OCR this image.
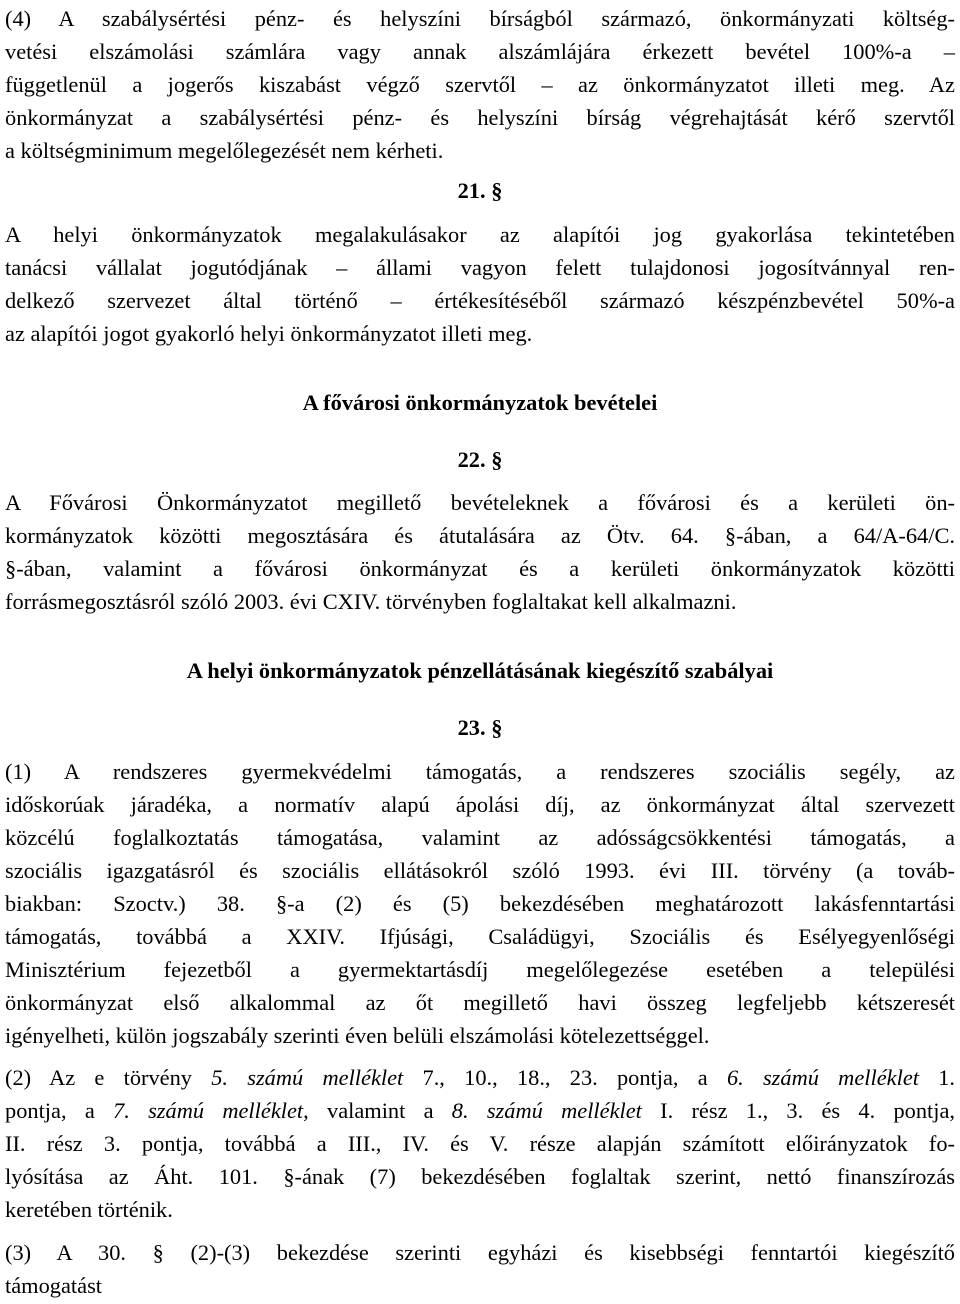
(4) A szabálysértési pénz- és helyszíni bírságból származó, önkormányzati költség-
vetési elszámolási számlára vagy annak alszámlájára érkezett bevétel 100%-a –
függetlenül a jogerős kiszabást végző szervtől – az önkormányzatot illeti meg. Az
önkormányzat a szabálysértési pénz- és helyszíni bírság végrehajtását kérő szervtől
a költségminimum megelőlegezését nem kérheti.
21. §
A helyi önkormányzatok megalakulásakor az alapítói jog gyakorlása tekintetében
tanácsi vállalat jogutódjának – állami vagyon felett tulajdonosi jogosítvánnyal ren-
delkező szervezet által történő – értékesítéséből származó készpénzbevétel 50%-a
az alapítói jogot gyakorló helyi önkormányzatot illeti meg.
A fővárosi önkormányzatok bevételei
22. §
A Fővárosi Önkormányzatot megillető bevételeknek a fővárosi és a kerületi ön-
kormányzatok közötti megosztására és átutalására az Ötv. 64. §-ában, a 64/A-64/C.
§-ában, valamint a fővárosi önkormányzat és a kerületi önkormányzatok közötti
forrásmegosztásról szóló 2003. évi CXIV. törvényben foglaltakat kell alkalmazni.
A helyi önkormányzatok pénzellátásának kiegészítő szabályai
23. §
(1) A rendszeres gyermekvédelmi támogatás, a rendszeres szociális segély, az
időskorúak járadéka, a normatív alapú ápolási díj, az önkormányzat által szervezett
közcélú foglalkoztatás támogatása, valamint az adósságcsökkentési támogatás, a
szociális igazgatásról és szociális ellátásokról szóló 1993. évi III. törvény (a továb-
biakban: Szoctv.) 38. §-a (2) és (5) bekezdésében meghatározott lakásfenntartási
támogatás, továbbá a XXIV. Ifjúsági, Családügyi, Szociális és Esélyegyenlőségi
Minisztérium fejezetből a gyermektartásdíj megelőlegezése esetében a települési
önkormányzat első alkalommal az őt megillető havi összeg legfeljebb kétszeresét
igényelheti, külön jogszabály szerinti éven belüli elszámolási kötelezettséggel.
(2) Az e törvény 5. számú melléklet 7., 10., 18., 23. pontja, a 6. számú melléklet 1.
pontja, a 7. számú melléklet, valamint a 8. számú melléklet I. rész 1., 3. és 4. pontja,
II. rész 3. pontja, továbbá a III., IV. és V. része alapján számított előirányzatok fo-
lyósítása az Áht. 101. §-ának (7) bekezdésében foglaltak szerint, nettó finanszírozás
keretében történik.
(3) A 30. § (2)-(3) bekezdése szerinti egyházi és kisebbségi fenntartói kiegészítő
támogatást
